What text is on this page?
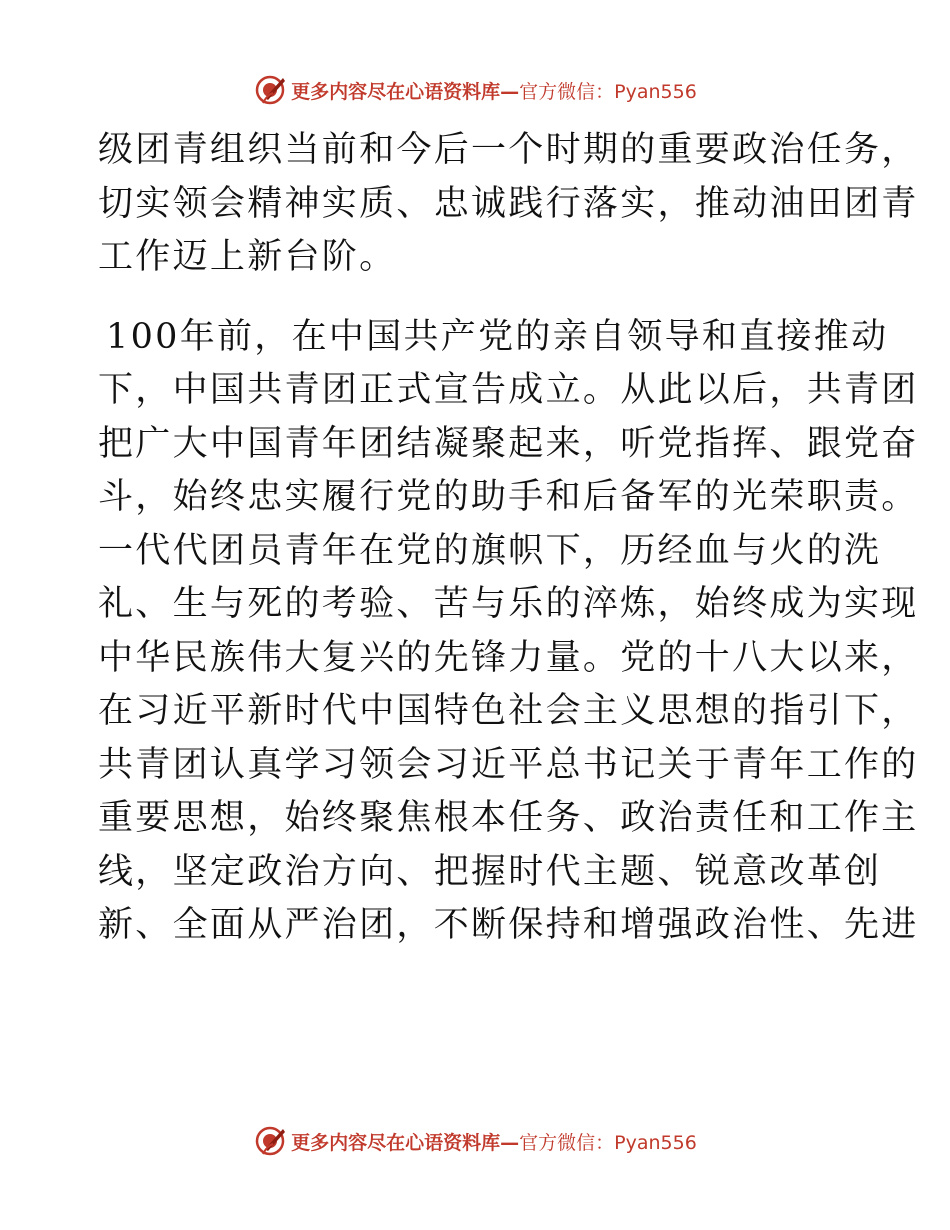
更多内容尽在心语资料库—官方微信：Pyan556
级团青组织当前和今后一个时期的重要政治任务，
切实领会精神实质、忠诚践行落实，推动油田团青
工作迈上新台阶。
100年前，在中国共产党的亲自领导和直接推动
下，中国共青团正式宣告成立。从此以后，共青团
把广大中国青年团结凝聚起来，听党指挥、跟党奋
斗，始终忠实履行党的助手和后备军的光荣职责。
一代代团员青年在党的旗帜下，历经血与火的洗
礼、生与死的考验、苦与乐的淬炼，始终成为实现
中华民族伟大复兴的先锋力量。党的十八大以来，
在习近平新时代中国特色社会主义思想的指引下，
共青团认真学习领会习近平总书记关于青年工作的
重要思想，始终聚焦根本任务、政治责任和工作主
线，坚定政治方向、把握时代主题、锐意改革创
新、全面从严治团，不断保持和增强政治性、先进
更多内容尽在心语资料库—官方微信：Pyan556
